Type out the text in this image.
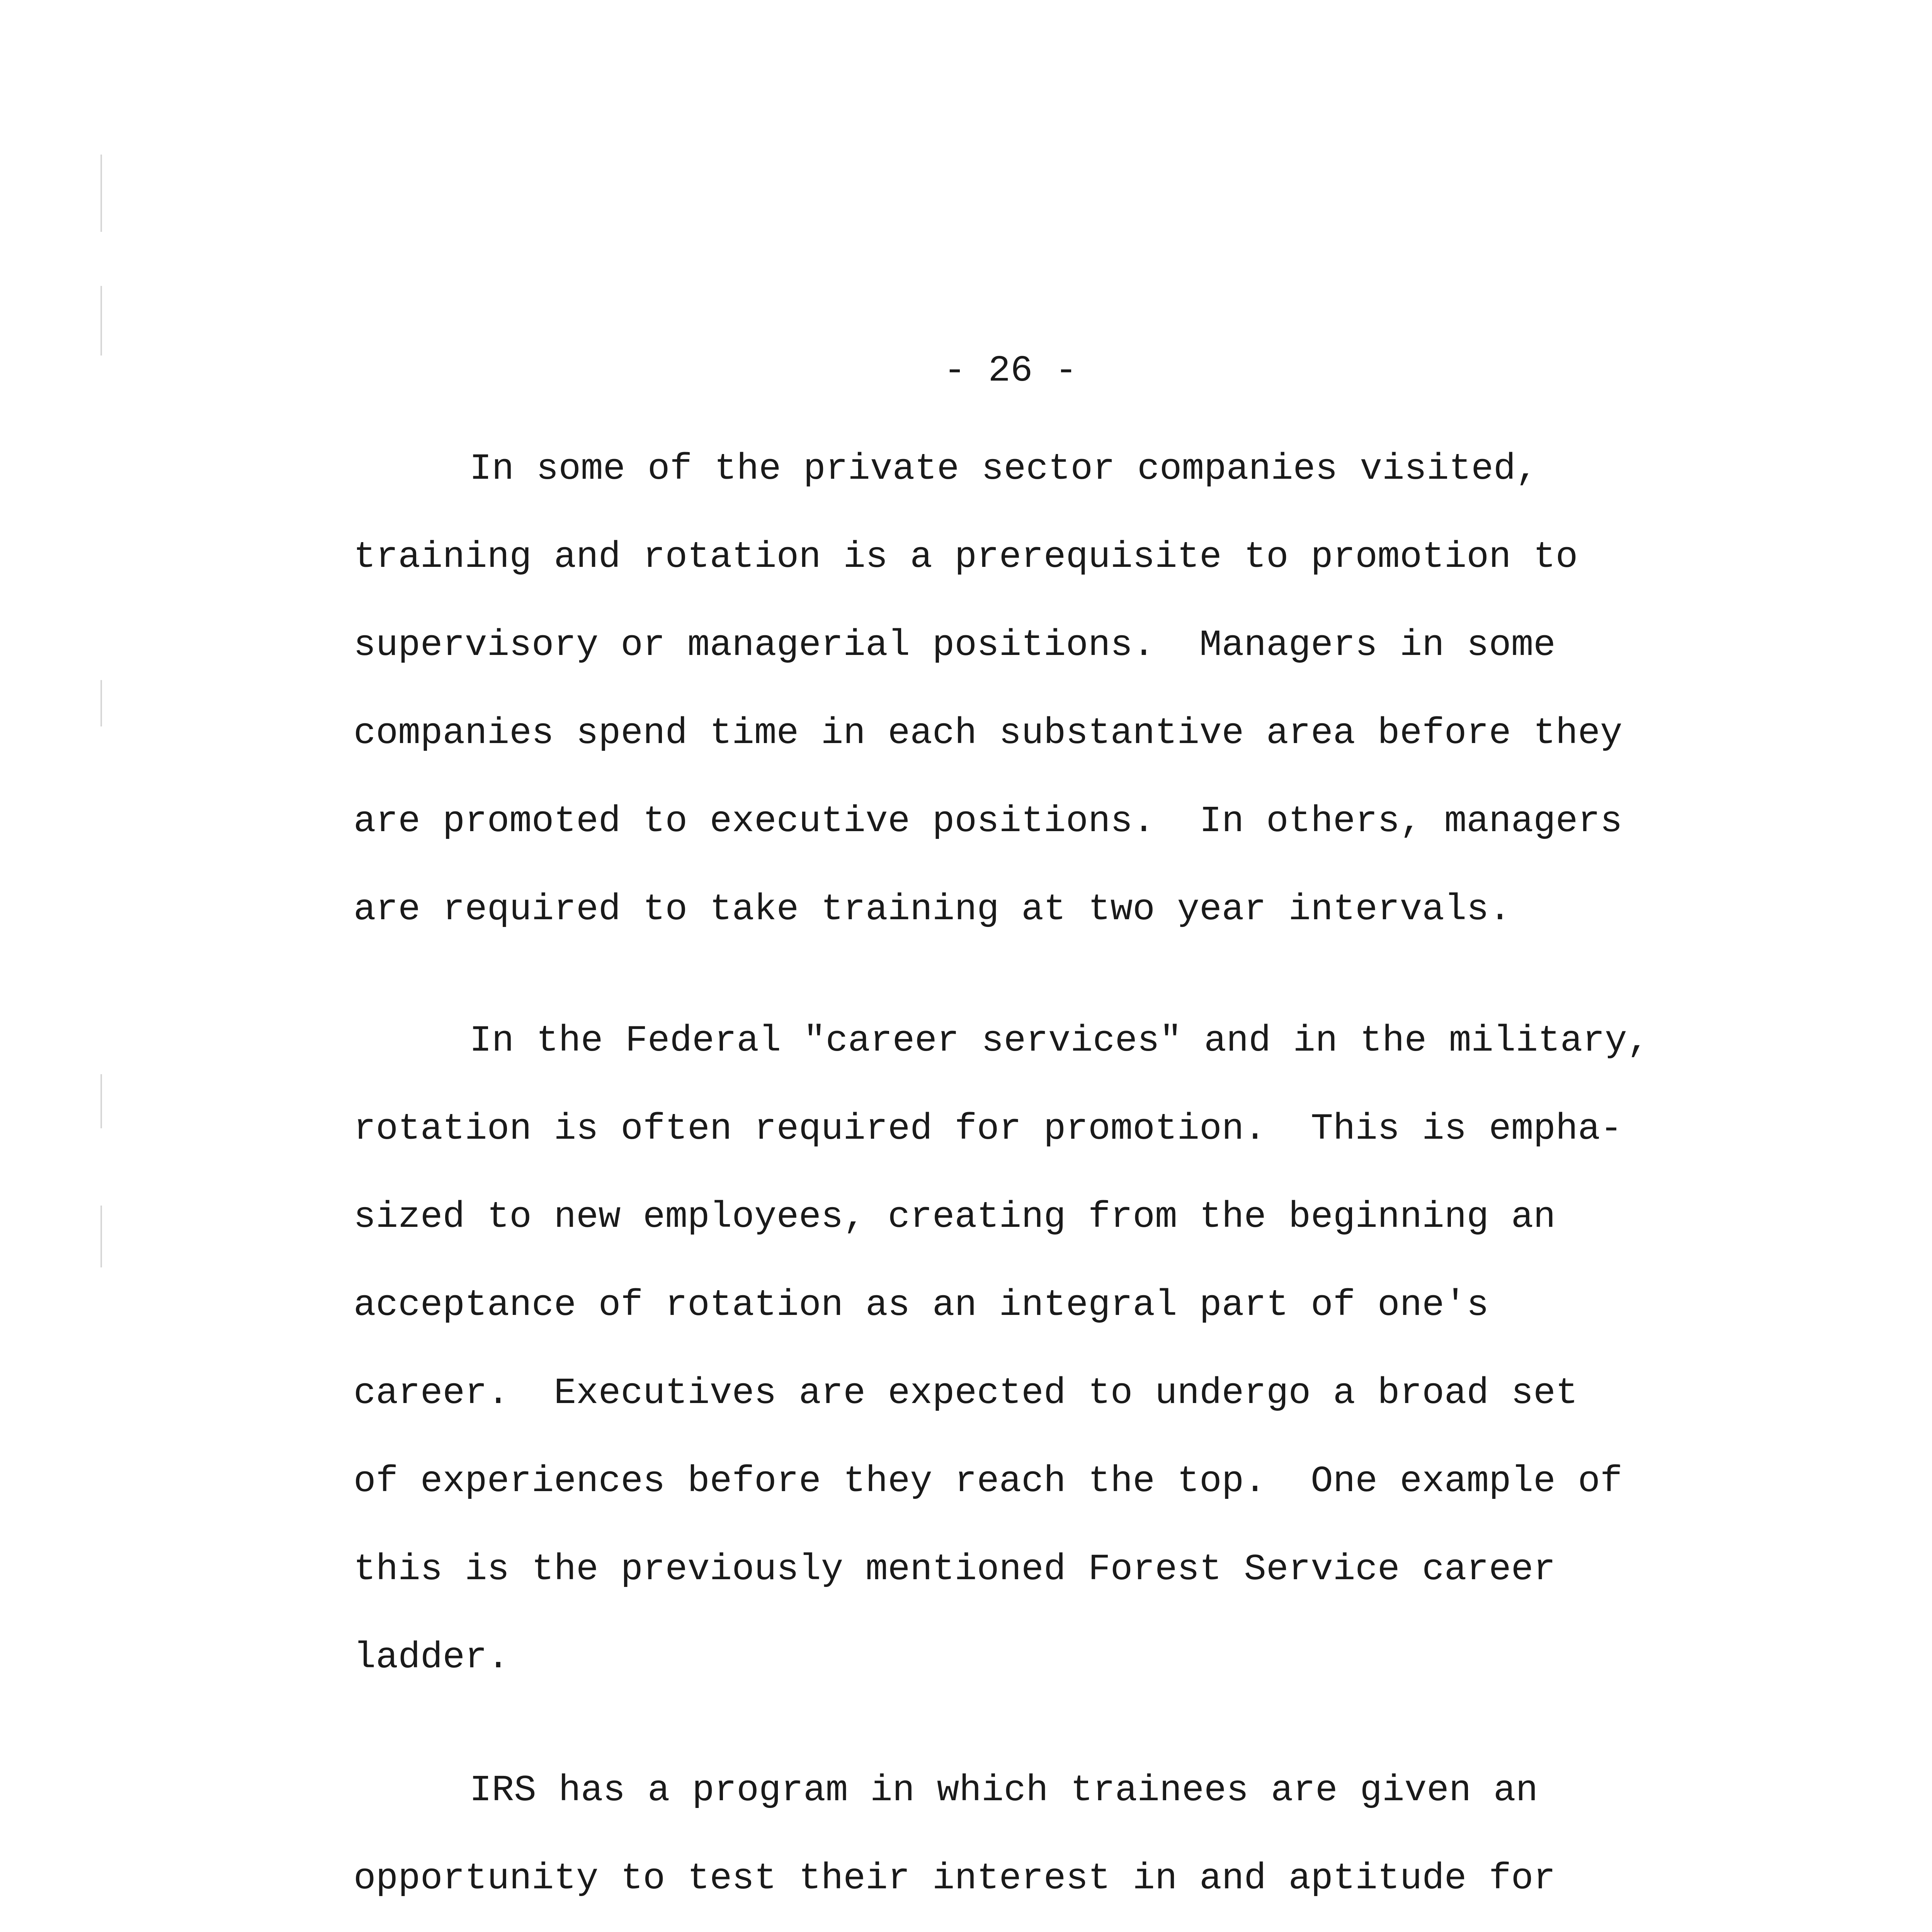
- 26 -
In some of the private sector companies visited,
training and rotation is a prerequisite to promotion to
supervisory or managerial positions.  Managers in some
companies spend time in each substantive area before they
are promoted to executive positions.  In others, managers
are required to take training at two year intervals.
In the Federal "career services" and in the military,
rotation is often required for promotion.  This is empha-
sized to new employees, creating from the beginning an
acceptance of rotation as an integral part of one's
career.  Executives are expected to undergo a broad set
of experiences before they reach the top.  One example of
this is the previously mentioned Forest Service career
ladder.
IRS has a program in which trainees are given an
opportunity to test their interest in and aptitude for
